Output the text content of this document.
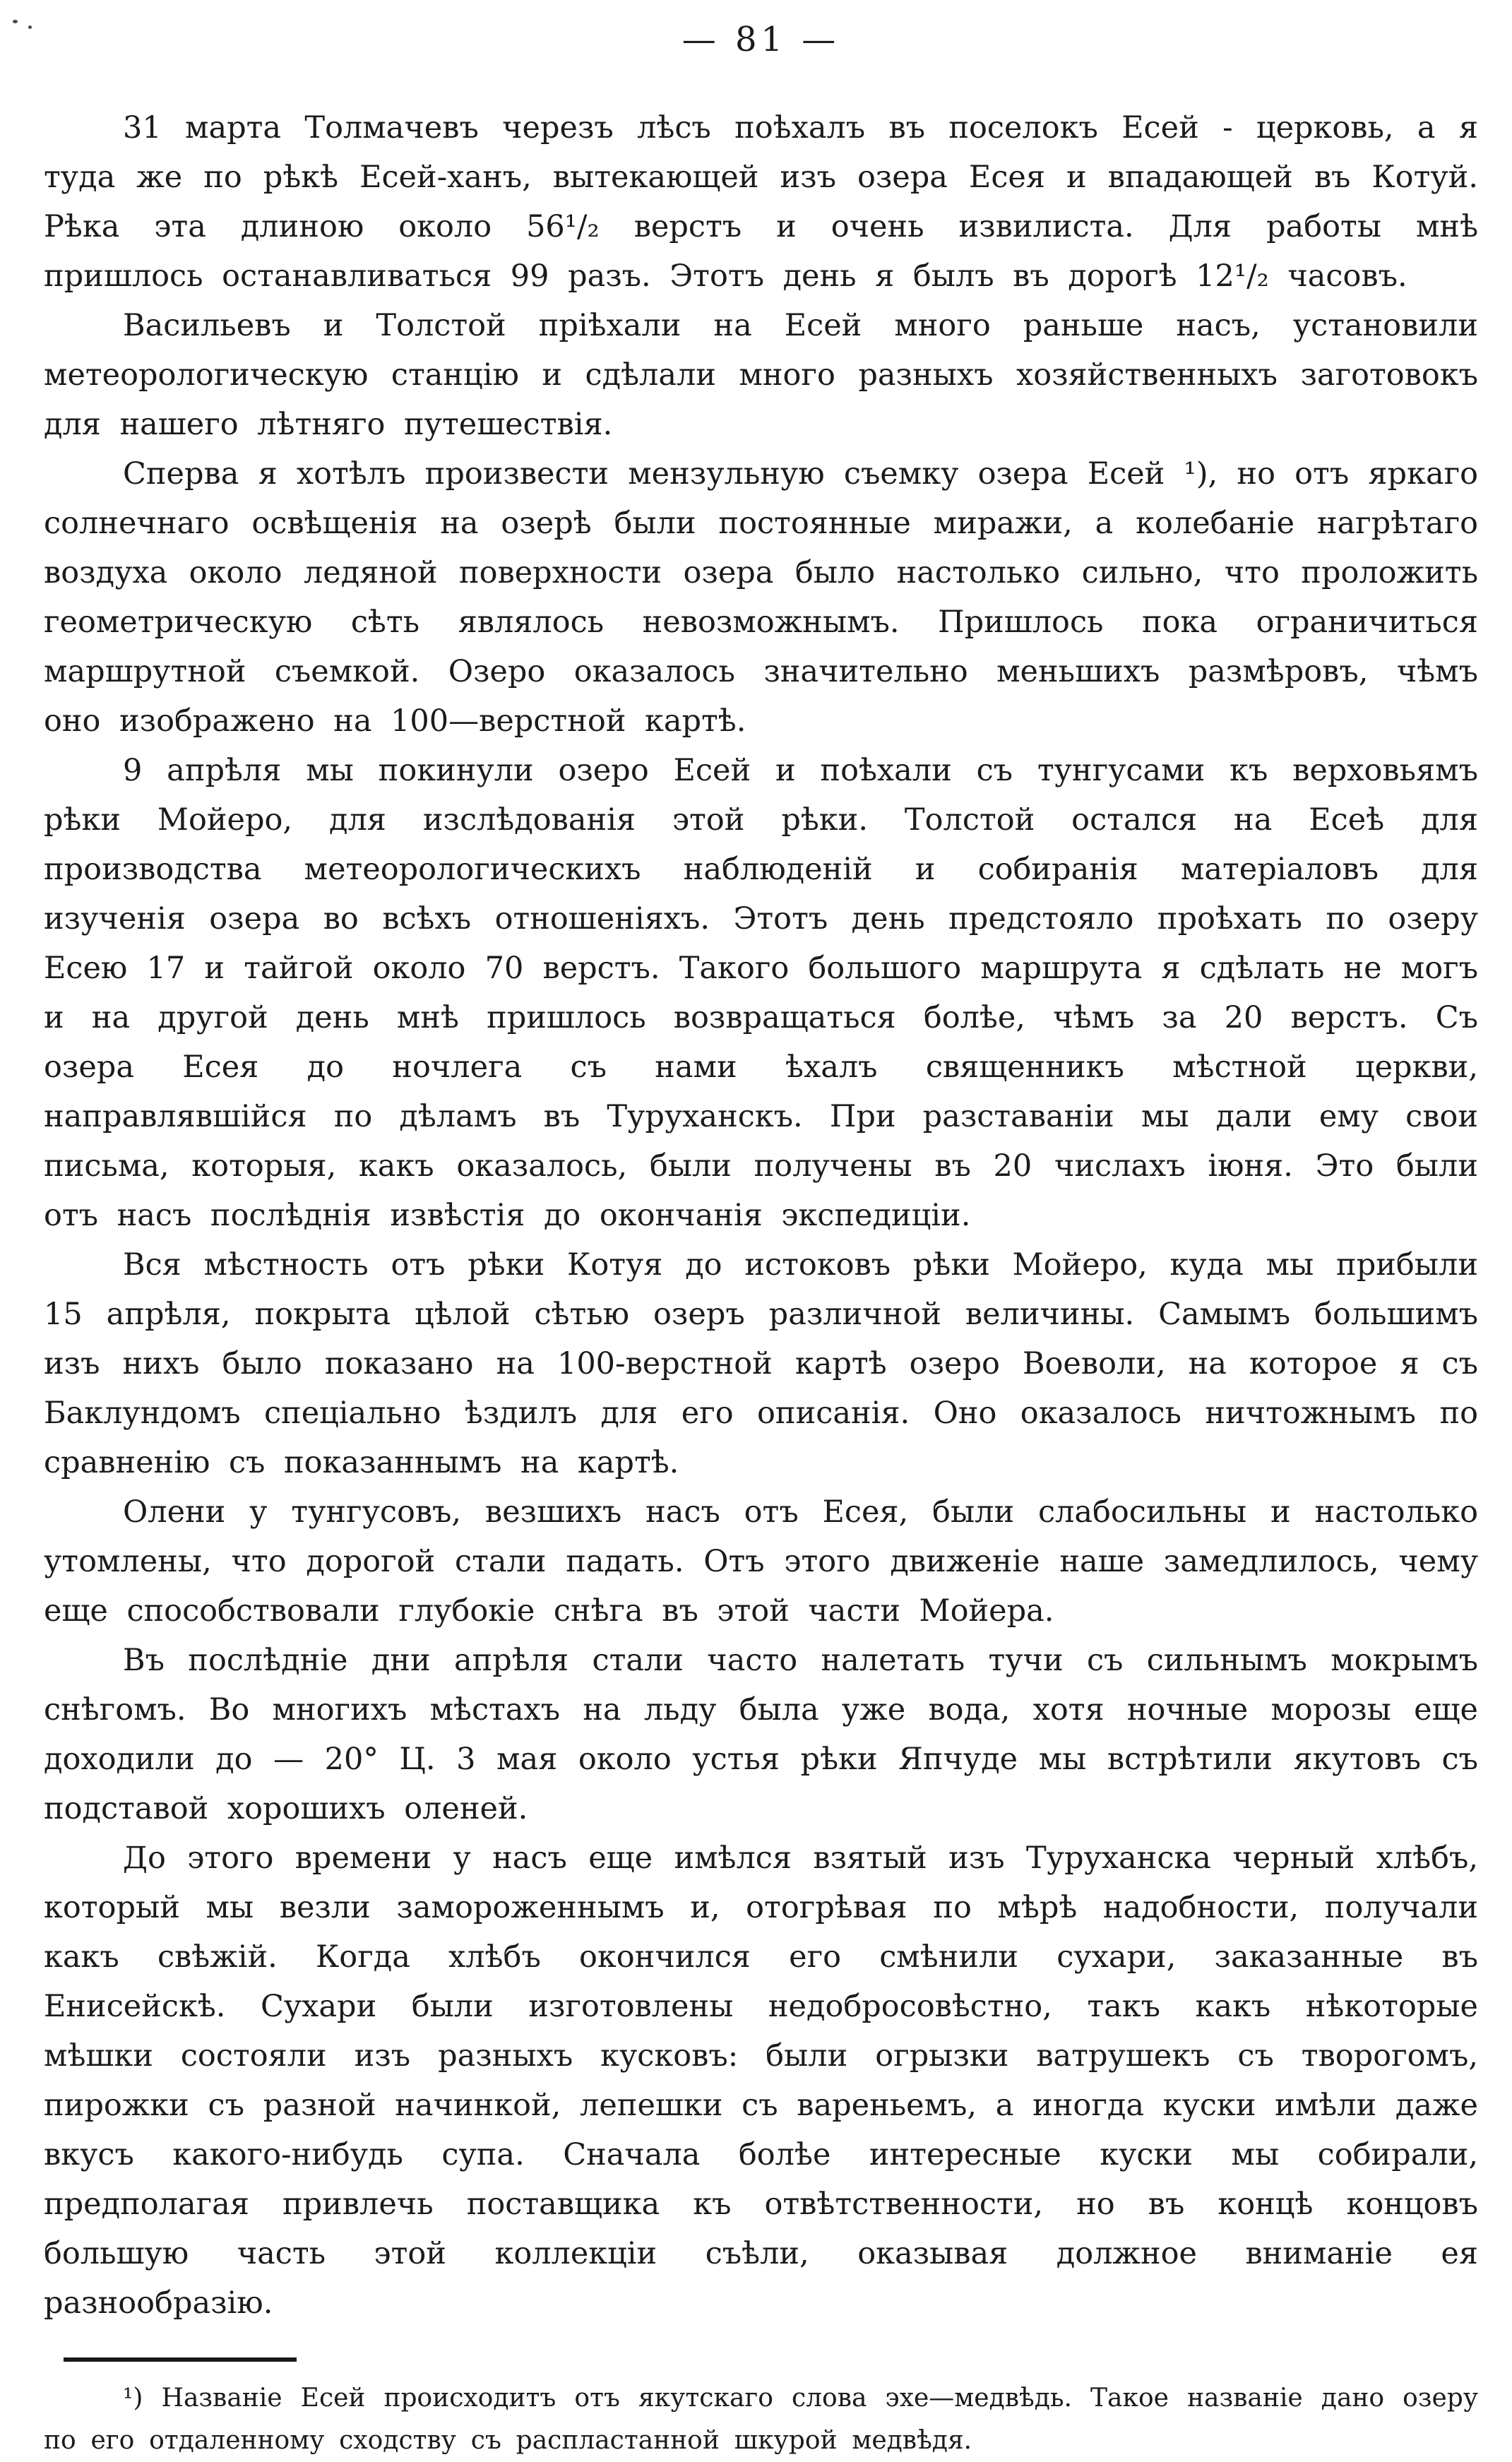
— 81 —

31 марта Толмачевъ черезъ лѣсъ поѣхалъ въ поселокъ Есей - церковь, а я туда же по рѣкѣ Есей-ханъ, вытекающей изъ озера Есея и впадающей въ Котуй. Рѣка эта длиною около 56¹/₂ верстъ и очень извилиста. Для работы мнѣ пришлось останавливаться 99 разъ. Этотъ день я былъ въ дорогѣ 12¹/₂ часовъ.

Васильевъ и Толстой пріѣхали на Есей много раньше насъ, установили метеорологическую станцію и сдѣлали много разныхъ хозяйственныхъ заготовокъ для нашего лѣтняго путешествія.

Сперва я хотѣлъ произвести мензульную съемку озера Есей ¹), но отъ яркаго солнечнаго освѣщенія на озерѣ были постоянные миражи, а колебаніе нагрѣтаго воздуха около ледяной поверхности озера было настолько сильно, что проложить геометрическую сѣть являлось невозможнымъ. Пришлось пока ограничиться маршрутной съемкой. Озеро оказалось значительно меньшихъ размѣровъ, чѣмъ оно изображено на 100—верстной картѣ.

9 апрѣля мы покинули озеро Есей и поѣхали съ тунгусами къ верховьямъ рѣки Мойеро, для изслѣдованія этой рѣки. Толстой остался на Есеѣ для производства метеорологическихъ наблюденій и собиранія матеріаловъ для изученія озера во всѣхъ отношеніяхъ. Этотъ день предстояло проѣхать по озеру Есею 17 и тайгой около 70 верстъ. Такого большого маршрута я сдѣлать не могъ и на другой день мнѣ пришлось возвращаться болѣе, чѣмъ за 20 верстъ. Съ озера Есея до ночлега съ нами ѣхалъ священникъ мѣстной церкви, направлявшійся по дѣламъ въ Туруханскъ. При разставаніи мы дали ему свои письма, которыя, какъ оказалось, были получены въ 20 числахъ іюня. Это были отъ насъ послѣднія извѣстія до окончанія экспедиціи.

Вся мѣстность отъ рѣки Котуя до истоковъ рѣки Мойеро, куда мы прибыли 15 апрѣля, покрыта цѣлой сѣтью озеръ различной величины. Самымъ большимъ изъ нихъ было показано на 100-верстной картѣ озеро Воеволи, на которое я съ Баклундомъ спеціально ѣздилъ для его описанія. Оно оказалось ничтожнымъ по сравненію съ показаннымъ на картѣ.

Олени у тунгусовъ, везшихъ насъ отъ Есея, были слабосильны и настолько утомлены, что дорогой стали падать. Отъ этого движеніе наше замедлилось, чему еще способствовали глубокіе снѣга въ этой части Мойера.

Въ послѣдніе дни апрѣля стали часто налетать тучи съ сильнымъ мокрымъ снѣгомъ. Во многихъ мѣстахъ на льду была уже вода, хотя ночные морозы еще доходили до — 20° Ц. 3 мая около устья рѣки Япчуде мы встрѣтили якутовъ съ подставой хорошихъ оленей.

До этого времени у насъ еще имѣлся взятый изъ Туруханска черный хлѣбъ, который мы везли замороженнымъ и, отогрѣвая по мѣрѣ надобности, получали какъ свѣжій. Когда хлѣбъ окончился его смѣнили сухари, заказанные въ Енисейскѣ. Сухари были изготовлены недобросовѣстно, такъ какъ нѣкоторые мѣшки состояли изъ разныхъ кусковъ: были огрызки ватрушекъ съ творогомъ, пирожки съ разной начинкой, лепешки съ вареньемъ, а иногда куски имѣли даже вкусъ какого-нибудь супа. Сначала болѣе интересные куски мы собирали, предполагая привлечь поставщика къ отвѣтственности, но въ концѣ концовъ большую часть этой коллекціи съѣли, оказывая должное вниманіе ея разнообразію.

¹) Названіе Есей происходитъ отъ якутскаго слова эхе—медвѣдь. Такое названіе дано озеру по его отдаленному сходству съ распластанной шкурой медвѣдя.
